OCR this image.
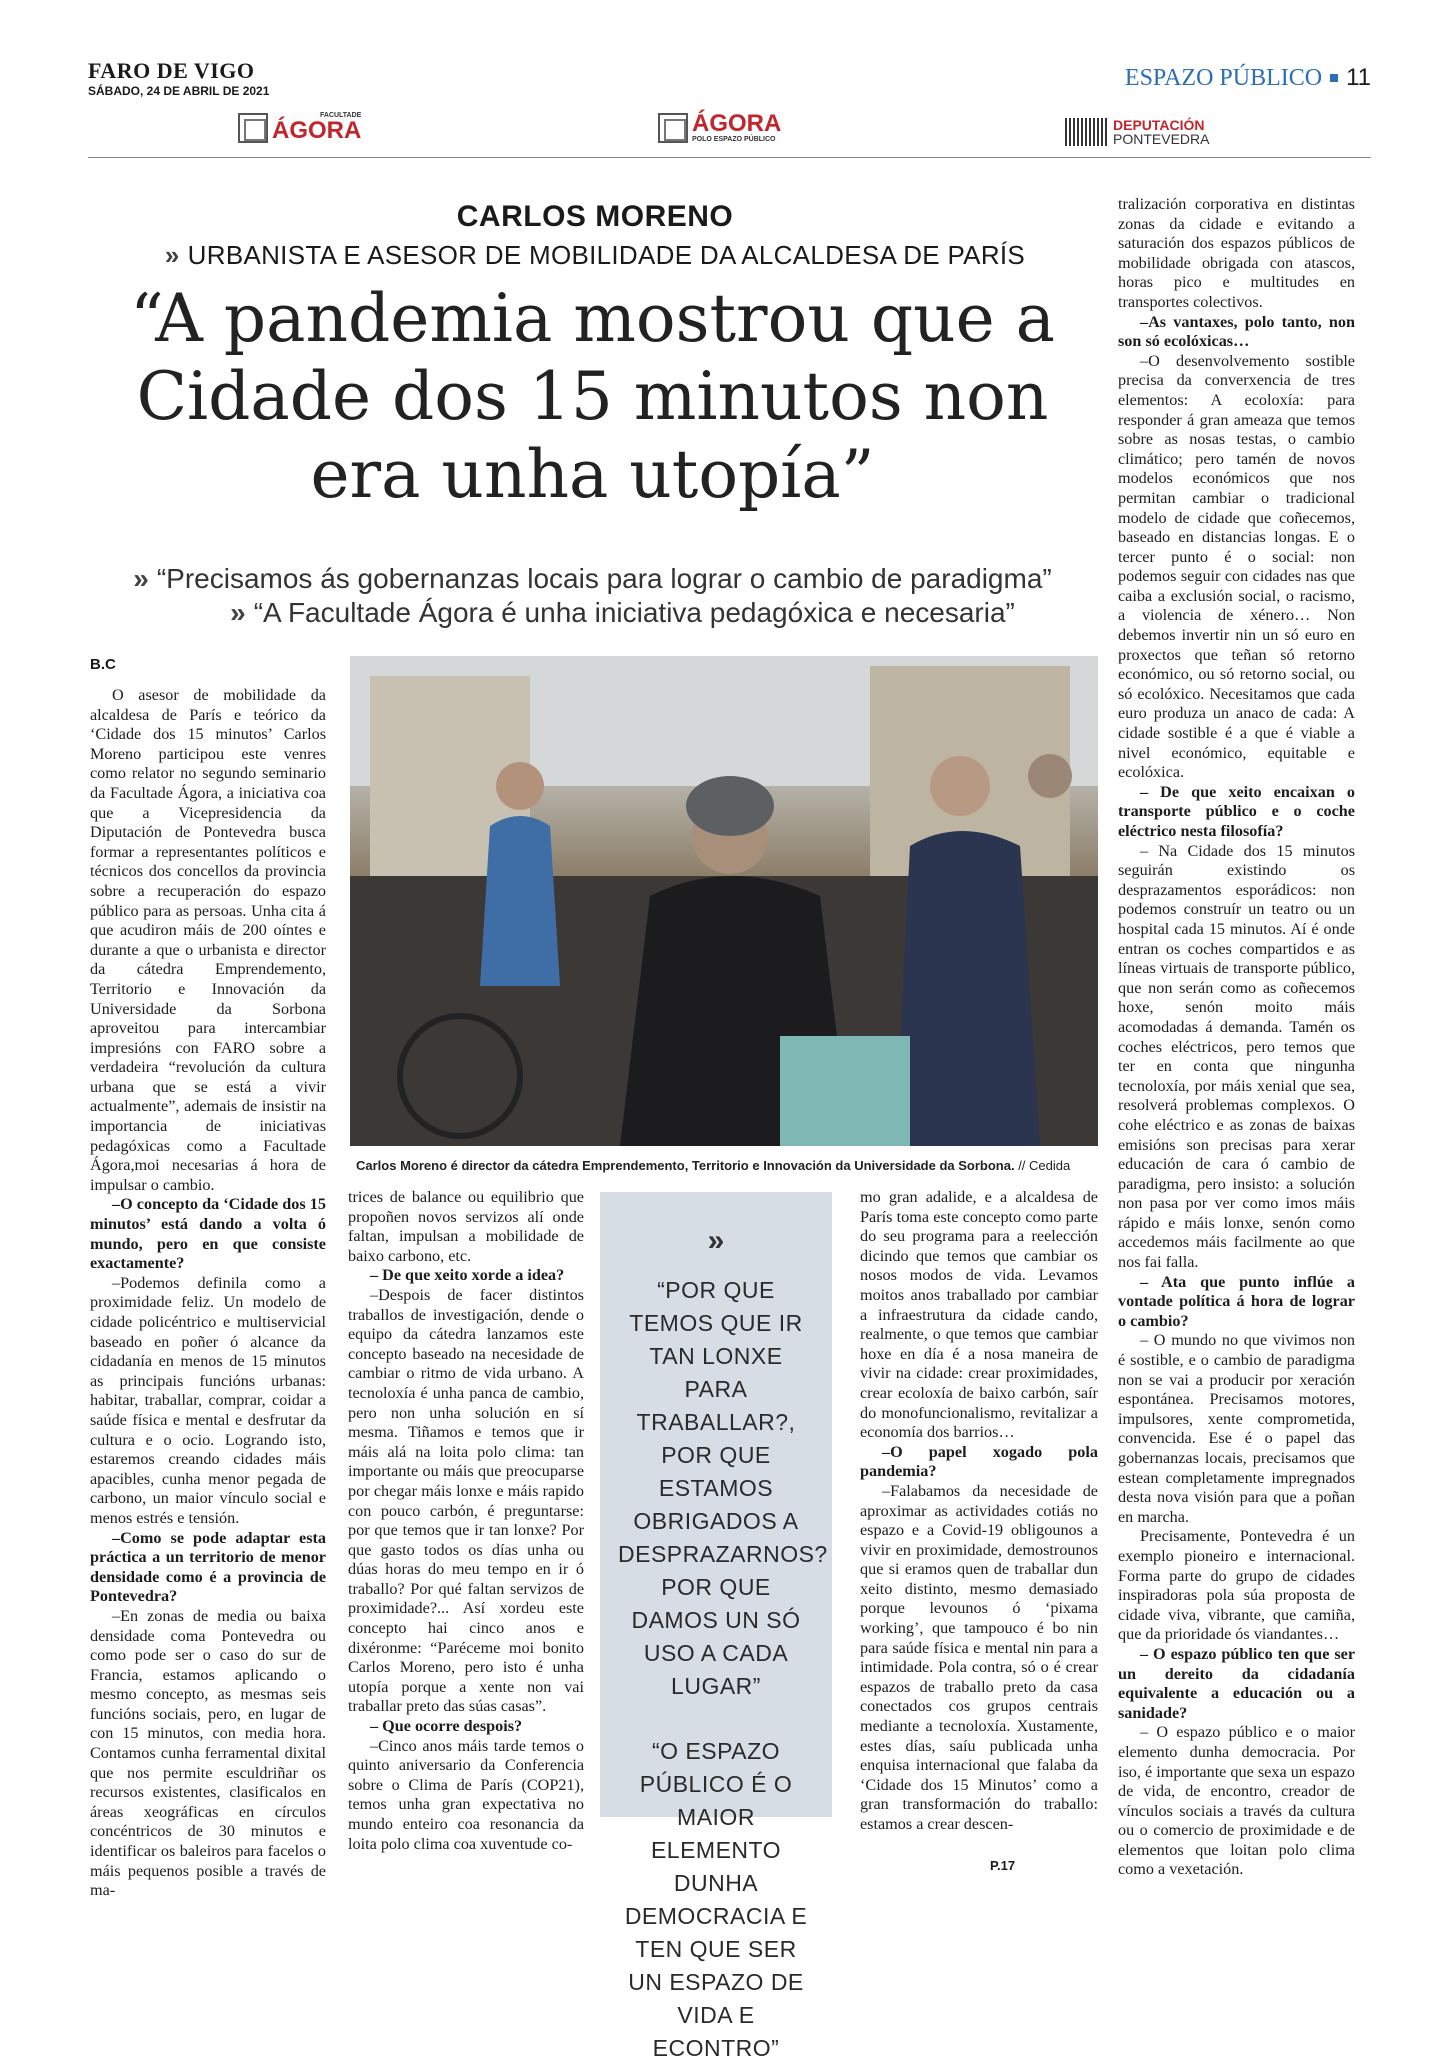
FARO DE VIGO
SÁBADO, 24 DE ABRIL DE 2021
ESPAZO PÚBLICO 11
FACULTADE
ÁGORA	ÁGORA
POLO ESPAZO PÚBLICO
DEPUTACIÓN
PONTEVEDRA
CARLOS MORENO
» URBANISTA E ASESOR DE MOBILIDADE DA ALCALDESA DE PARÍS
“A pandemia mostrou que a Cidade dos 15 minutos non era unha utopía”
» “Precisamos ás gobernanzas locais para lograr o cambio de paradigma”
» “A Facultade Ágora é unha iniciativa pedagóxica e necesaria”
B.C
Carlos Moreno é director da cátedra Emprendemento, Territorio e Innovación da Universidade da Sorbona. // Cedida

O asesor de mobilidade da alcaldesa de París e teórico da ‘Cidade dos 15 minutos’ Carlos Moreno participou este venres como relator no segundo seminario da Facultade Ágora, a iniciativa coa que a Vicepresidencia da Diputación de Pontevedra busca formar a representantes políticos e técnicos dos concellos da provincia sobre a recuperación do espazo público para as persoas. Unha cita á que acudiron máis de 200 oíntes e durante a que o urbanista e director da cátedra Emprendemento, Territorio e Innovación da Universidade da Sorbona aproveitou para intercambiar impresións con FARO sobre a verdadeira “revolución da cultura urbana que se está a vivir actualmente”, ademais de insistir na importancia de iniciativas pedagóxicas como a Facultade Ágora,moi necesarias á hora de impulsar o cambio.

–O concepto da ‘Cidade dos 15 minutos’ está dando a volta ó mundo, pero en que consiste exactamente?

–Podemos definila como a proximidade feliz. Un modelo de cidade policéntrico e multiservicial baseado en poñer ó alcance da cidadanía en menos de 15 minutos as principais funcións urbanas: habitar, traballar, comprar, coidar a saúde física e mental e desfrutar da cultura e o ocio. Logrando isto, estaremos creando cidades máis apacibles, cunha menor pegada de carbono, un maior vínculo social e menos estrés e tensión.

–Como se pode adaptar esta práctica a un territorio de menor densidade como é a provincia de Pontevedra?

–En zonas de media ou baixa densidade coma Pontevedra ou como pode ser o caso do sur de Francia, estamos aplicando o mesmo concepto, as mesmas seis funcións sociais, pero, en lugar de con 15 minutos, con media hora. Contamos cunha ferramental dixital que nos permite esculdriñar os recursos existentes, clasificalos en áreas xeográficas en círculos concéntricos de 30 minutos e identificar os baleiros para facelos o máis pequenos posible a través de ma-

trices de balance ou equilibrio que propoñen novos servizos alí onde faltan, impulsan a mobilidade de baixo carbono, etc.

– De que xeito xorde a idea?

–Despois de facer distintos traballos de investigación, dende o equipo da cátedra lanzamos este concepto baseado na necesidade de cambiar o ritmo de vida urbano. A tecnoloxía é unha panca de cambio, pero non unha solución en sí mesma. Tiñamos e temos que ir máis alá na loita polo clima: tan importante ou máis que preocuparse por chegar máis lonxe e máis rapido con pouco carbón, é preguntarse: por que temos que ir tan lonxe? Por que gasto todos os días unha ou dúas horas do meu tempo en ir ó traballo? Por qué faltan servizos de proximidade?... Así xordeu este concepto hai cinco anos e dixéronme: “Paréceme moi bonito Carlos Moreno, pero isto é unha utopía porque a xente non vai traballar preto das súas casas”.

– Que ocorre despois?

–Cinco anos máis tarde temos o quinto aniversario da Conferencia sobre o Clima de París (COP21), temos unha gran expectativa no mundo enteiro coa resonancia da loita polo clima coa xuventude co-

mo gran adalide, e a alcaldesa de París toma este concepto como parte do seu programa para a reelección dicindo que temos que cambiar os nosos modos de vida. Levamos moitos anos traballado por cambiar a infraestrutura da cidade cando, realmente, o que temos que cambiar hoxe en día é a nosa maneira de vivir na cidade: crear proximidades, crear ecoloxía de baixo carbón, saír do monofuncionalismo, revitalizar a economía dos barrios…

–O papel xogado pola pandemia?

–Falabamos da necesidade de aproximar as actividades cotiás no espazo e a Covid-19 obligounos a vivir en proximidade, demostrounos que si eramos quen de traballar dun xeito distinto, mesmo demasiado porque levounos ó ‘pixama working’, que tampouco é bo nin para saúde física e mental nin para a intimidade. Pola contra, só o é crear espazos de traballo preto da casa conectados cos grupos centrais mediante a tecnoloxía. Xustamente, estes días, saíu publicada unha enquisa internacional que falaba da ‘Cidade dos 15 Minutos’ como a gran transformación do traballo: estamos a crear descen-

tralización corporativa en distintas zonas da cidade e evitando a saturación dos espazos públicos de mobilidade obrigada con atascos, horas pico e multitudes en transportes colectivos.

–As vantaxes, polo tanto, non son só ecolóxicas…

–O desenvolvemento sostible precisa da converxencia de tres elementos: A ecoloxía: para responder á gran ameaza que temos sobre as nosas testas, o cambio climático; pero tamén de novos modelos económicos que nos permitan cambiar o tradicional modelo de cidade que coñecemos, baseado en distancias longas. E o tercer punto é o social: non podemos seguir con cidades nas que caiba a exclusión social, o racismo, a violencia de xénero… Non debemos invertir nin un só euro en proxectos que teñan só retorno económico, ou só retorno social, ou só ecolóxico. Necesitamos que cada euro produza un anaco de cada: A cidade sostible é a que é viable a nivel económico, equitable e ecolóxica.

– De que xeito encaixan o transporte público e o coche eléctrico nesta filosofía?

– Na Cidade dos 15 minutos seguirán existindo os desprazamentos esporádicos: non podemos construír un teatro ou un hospital cada 15 minutos. Aí é onde entran os coches compartidos e as líneas virtuais de transporte público, que non serán como as coñecemos hoxe, senón moito máis acomodadas á demanda. Tamén os coches eléctricos, pero temos que ter en conta que ningunha tecnoloxía, por máis xenial que sea, resolverá problemas complexos. O cohe eléctrico e as zonas de baixas emisións son precisas para xerar educación de cara ó cambio de paradigma, pero insisto: a solución non pasa por ver como imos máis rápido e máis lonxe, senón como accedemos máis facilmente ao que nos fai falla.

– Ata que punto inflúe a vontade política á hora de lograr o cambio?

– O mundo no que vivimos non é sostible, e o cambio de paradigma non se vai a producir por xeración espontánea. Precisamos motores, impulsores, xente comprometida, convencida. Ese é o papel das gobernanzas locais, precisamos que estean completamente impregnados desta nova visión para que a poñan en marcha.

Precisamente, Pontevedra é un exemplo pioneiro e internacional. Forma parte do grupo de cidades inspiradoras pola súa proposta de cidade viva, vibrante, que camiña, que da prioridade ós viandantes…

– O espazo público ten que ser un dereito da cidadanía equivalente a educación ou a sanidade?

– O espazo público e o maior elemento dunha democracia. Por iso, é importante que sexa un espazo de vida, de encontro, creador de vínculos sociais a través da cultura ou o comercio de proximidade e de elementos que loitan polo clima como a vexetación.

»
“POR QUE TEMOS QUE IR TAN LONXE PARA TRABALLAR?, POR QUE ESTAMOS OBRIGADOS A DESPRAZARNOS? POR QUE DAMOS UN SÓ USO A CADA LUGAR”
“O ESPAZO PÚBLICO É O MAIOR ELEMENTO DUNHA DEMOCRACIA E TEN QUE SER UN ESPAZO DE VIDA E ECONTRO”
P.17
